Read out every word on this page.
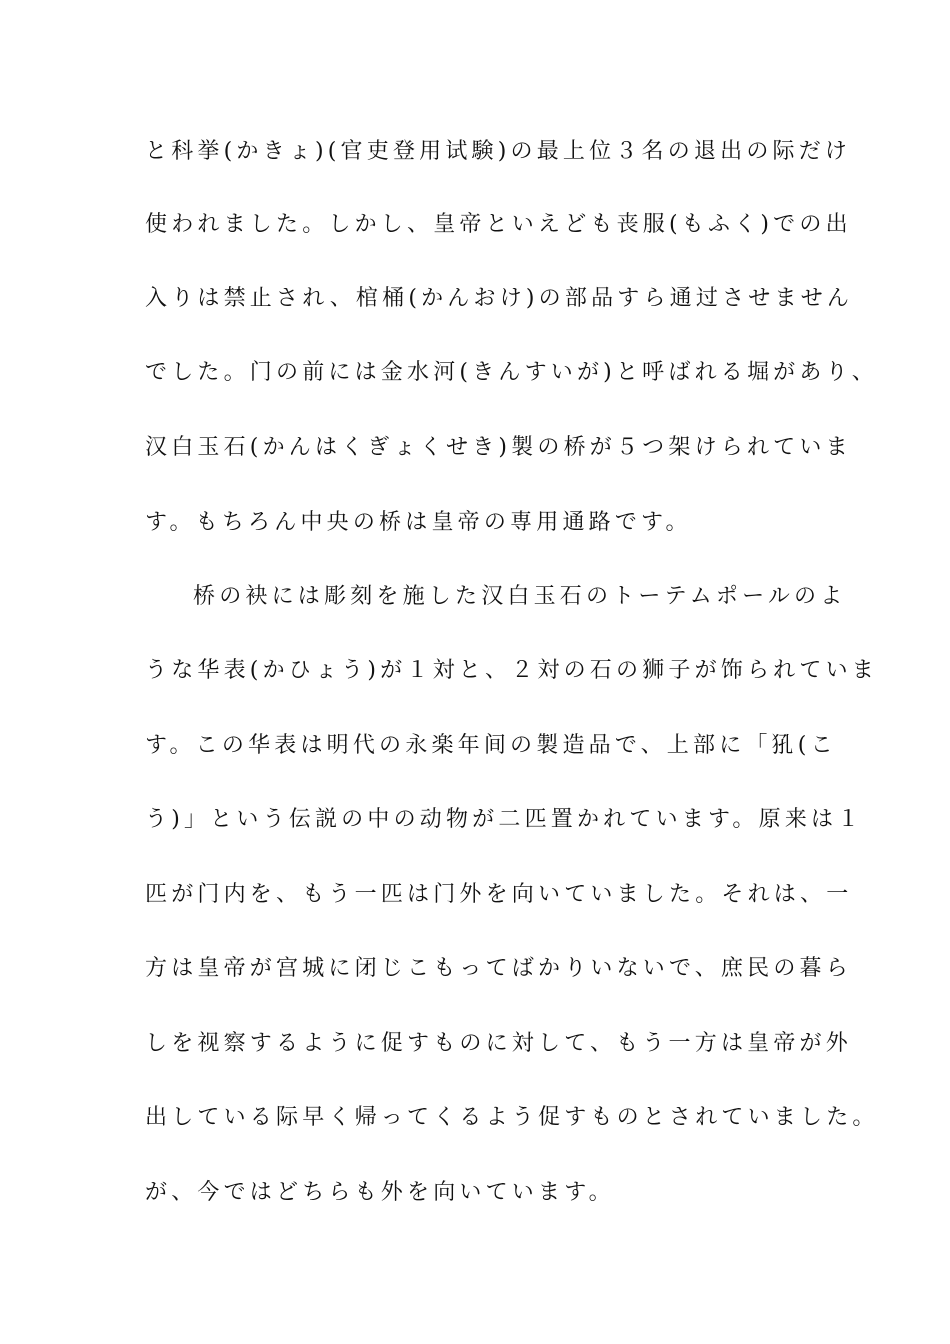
と科挙(かきょ)(官吏登用试験)の最上位３名の退出の际だけ
使われました。しかし、皇帝といえども丧服(もふく)での出
入りは禁止され、棺桶(かんおけ)の部品すら通过させません
でした。门の前には金水河(きんすいが)と呼ばれる堀があり、
汉白玉石(かんはくぎょくせき)製の桥が５つ架けられていま
す。もちろん中央の桥は皇帝の専用通路です。
桥の袂には彫刻を施した汉白玉石のトーテムポールのよ
うな华表(かひょう)が１対と、２対の石の狮子が饰られていま
す。この华表は明代の永楽年间の製造品で、上部に「犼(こ
う)」という伝説の中の动物が二匹置かれています。原来は１
匹が门内を、もう一匹は门外を向いていました。それは、一
方は皇帝が宫城に闭じこもってばかりいないで、庶民の暮ら
しを视察するように促すものに対して、もう一方は皇帝が外
出している际早く帰ってくるよう促すものとされていました。
が、今ではどちらも外を向いています。
